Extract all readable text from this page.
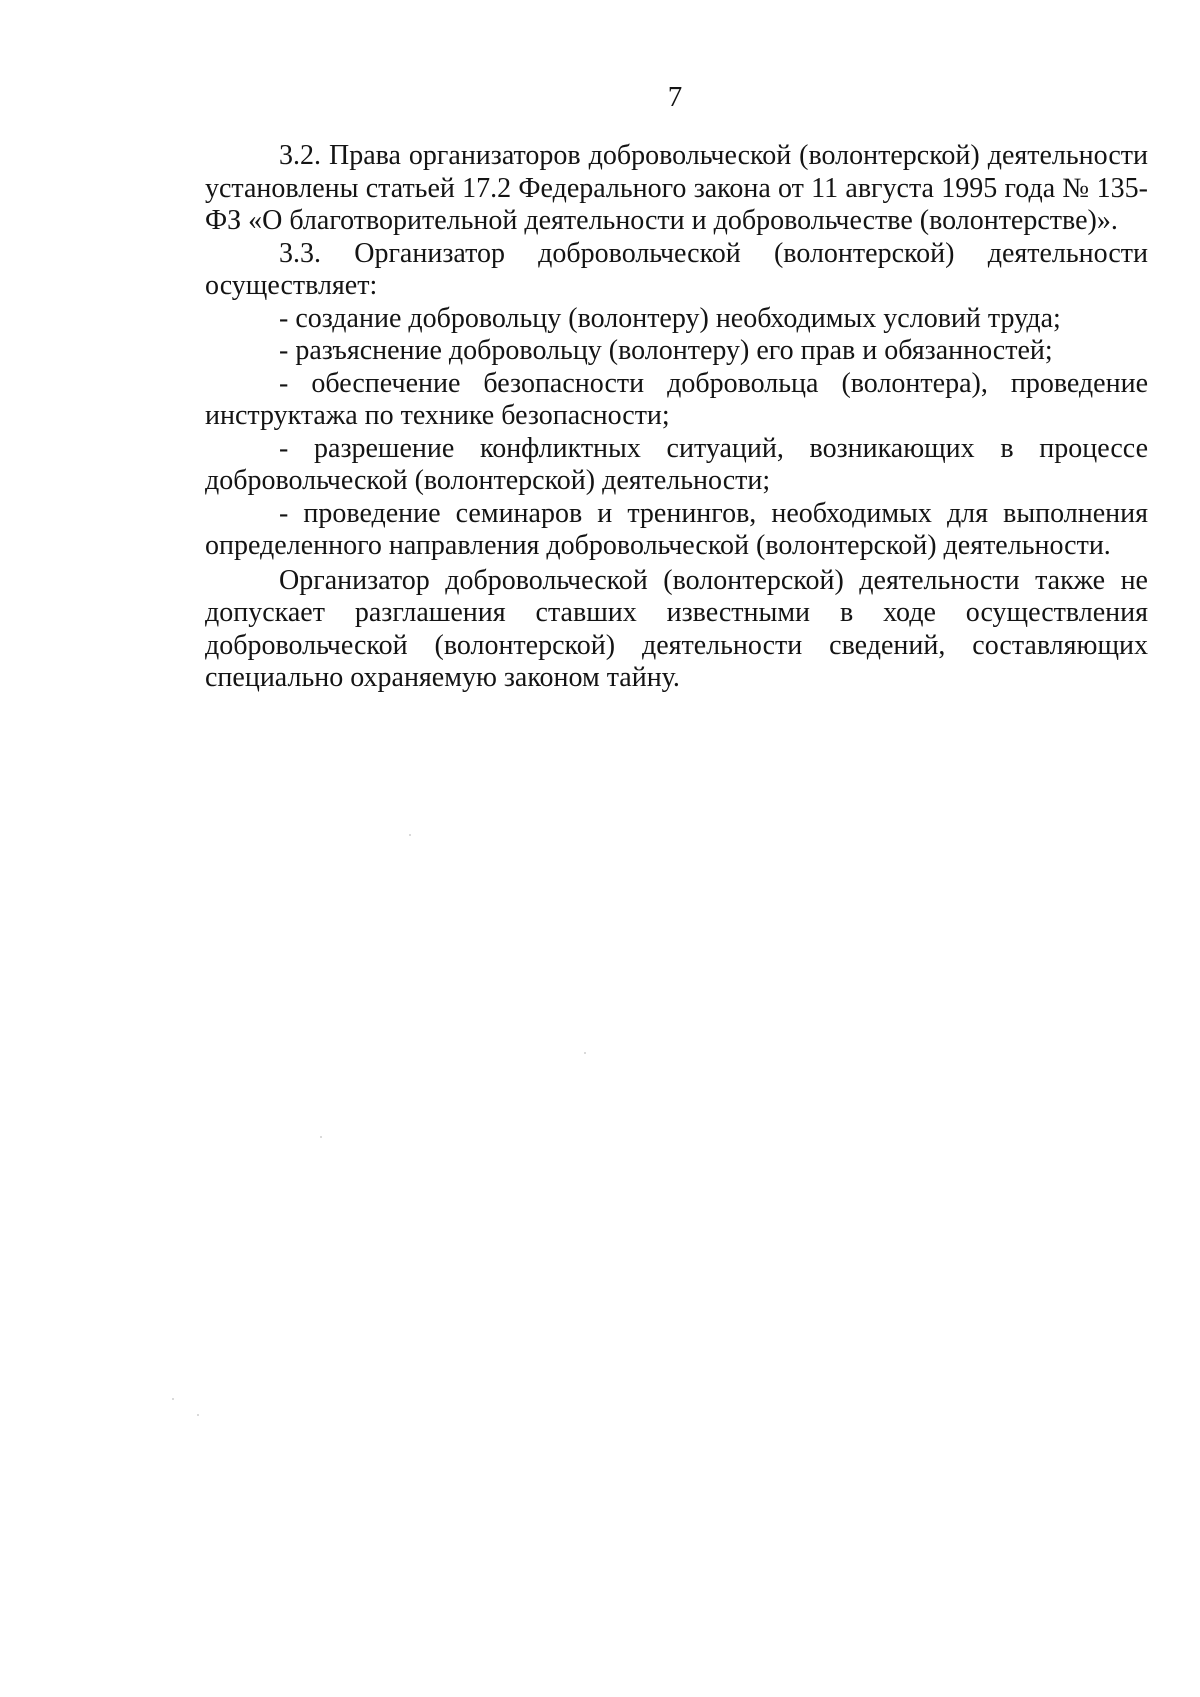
7

3.2. Права организаторов добровольческой (волонтерской) деятельности установлены статьей 17.2 Федерального закона от 11 августа 1995 года № 135-ФЗ «О благотворительной деятельности и добровольчестве (волонтерстве)».

3.3. Организатор добровольческой (волонтерской) деятельности осуществляет:

- создание добровольцу (волонтеру) необходимых условий труда;

- разъяснение добровольцу (волонтеру) его прав и обязанностей;

- обеспечение безопасности добровольца (волонтера), проведение инструктажа по технике безопасности;

- разрешение конфликтных ситуаций, возникающих в процессе добровольческой (волонтерской) деятельности;

- проведение семинаров и тренингов, необходимых для выполнения определенного направления добровольческой (волонтерской) деятельности.

Организатор добровольческой (волонтерской) деятельности также не допускает разглашения ставших известными в ходе осуществления добровольческой (волонтерской) деятельности сведений, составляющих специально охраняемую законом тайну.
